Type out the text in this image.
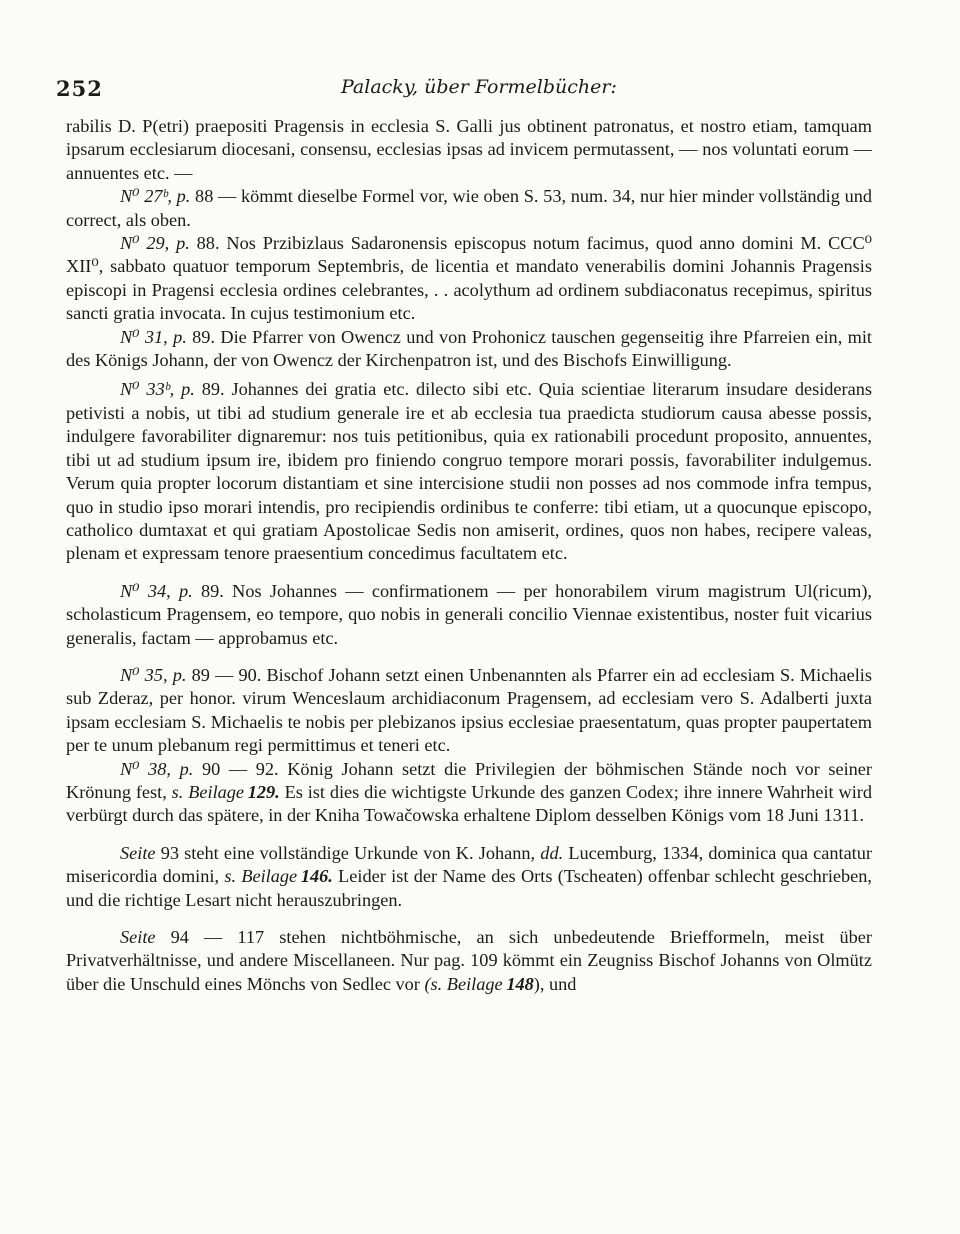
252	Palacky, über Formelbücher:

rabilis D. P(etri) praepositi Pragensis in ecclesia S. Galli jus obtinent patronatus, et nostro etiam, tamquam ipsarum ecclesiarum diocesani, consensu, ecclesias ipsas ad invicem permutassent, — nos voluntati eorum — annuentes etc. —

N⁰ 27ᵇ, p. 88 — kömmt dieselbe Formel vor, wie oben S. 53, num. 34, nur hier minder vollständig und correct, als oben.

N⁰ 29, p. 88. Nos Przibizlaus Sadaronensis episcopus notum facimus, quod anno domini M. CCC⁰ XII⁰, sabbato quatuor temporum Septembris, de licentia et mandato venerabilis domini Johannis Pragensis episcopi in Pragensi ecclesia ordines celebrantes, . . acolythum ad ordinem subdiaconatus recepimus, spiritus sancti gratia invocata. In cujus testimonium etc.

N⁰ 31, p. 89. Die Pfarrer von Owencz und von Prohonicz tauschen gegenseitig ihre Pfarreien ein, mit des Königs Johann, der von Owencz der Kirchenpatron ist, und des Bischofs Einwilligung.

N⁰ 33ᵇ, p. 89. Johannes dei gratia etc. dilecto sibi etc. Quia scientiae literarum insudare desiderans petivisti a nobis, ut tibi ad studium generale ire et ab ecclesia tua praedicta studiorum causa abesse possis, indulgere favorabiliter dignaremur: nos tuis petitionibus, quia ex rationabili procedunt proposito, annuentes, tibi ut ad studium ipsum ire, ibidem pro finiendo congruo tempore morari possis, favorabiliter indulgemus. Verum quia propter locorum distantiam et sine intercisione studii non posses ad nos commode infra tempus, quo in studio ipso morari intendis, pro recipiendis ordinibus te conferre: tibi etiam, ut a quocunque episcopo, catholico dumtaxat et qui gratiam Apostolicae Sedis non amiserit, ordines, quos non habes, recipere valeas, plenam et expressam tenore praesentium concedimus facultatem etc.

N⁰ 34, p. 89. Nos Johannes — confirmationem — per honorabilem virum magistrum Ul(ricum), scholasticum Pragensem, eo tempore, quo nobis in generali concilio Viennae existentibus, noster fuit vicarius generalis, factam — approbamus etc.

N⁰ 35, p. 89 — 90. Bischof Johann setzt einen Unbenannten als Pfarrer ein ad ecclesiam S. Michaelis sub Zderaz, per honor. virum Wenceslaum archidiaconum Pragensem, ad ecclesiam vero S. Adalberti juxta ipsam ecclesiam S. Michaelis te nobis per plebizanos ipsius ecclesiae praesentatum, quas propter paupertatem per te unum plebanum regi permittimus et teneri etc.

N⁰ 38, p. 90 — 92. König Johann setzt die Privilegien der böhmischen Stände noch vor seiner Krönung fest, s. Beilage  129. Es ist dies die wichtigste Urkunde des ganzen Codex; ihre innere Wahrheit wird verbürgt durch das spätere, in der Kniha Towačowska erhaltene Diplom desselben Königs vom 18 Juni 1311.

Seite 93 steht eine vollständige Urkunde von K. Johann, dd. Lucemburg, 1334, dominica qua cantatur misericordia domini, s. Beilage  146. Leider ist der Name des Orts (Tscheaten) offenbar schlecht geschrieben, und die richtige Lesart nicht herauszubringen.

Seite 94 — 117 stehen nichtböhmische, an sich unbedeutende Briefformeln, meist über Privatverhältnisse, und andere Miscellaneen. Nur pag. 109 kömmt ein Zeugniss Bischof Johanns von Olmütz über die Unschuld eines Mönchs von Sedlec vor (s. Beilage  148), und
